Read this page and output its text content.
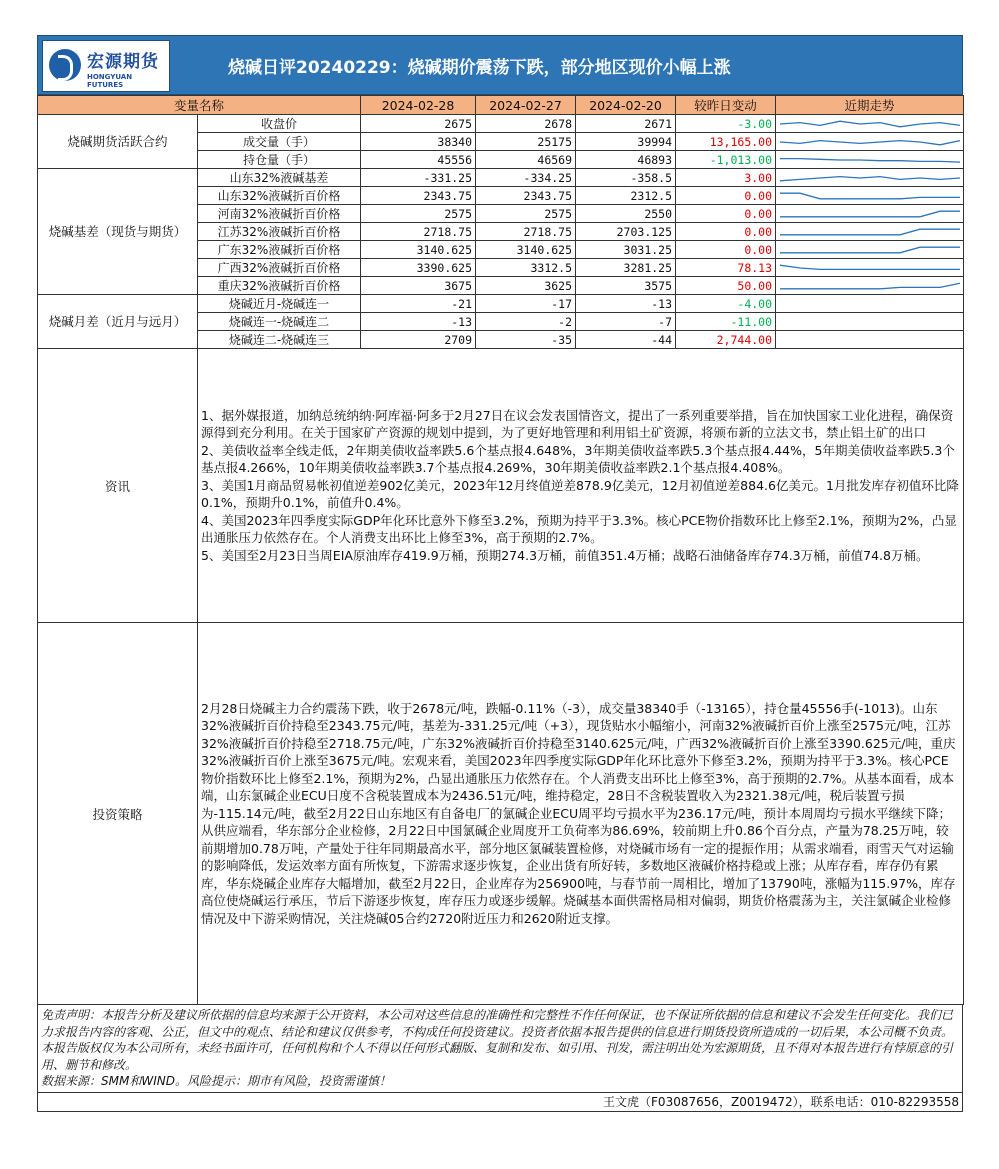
宏源期货
HONGYUAN FUTURES
烧碱日评20240229：烧碱期价震荡下跌，部分地区现价小幅上涨
变量名称		2024-02-28	2024-02-27	2024-02-20	较昨日变动	近期走势
烧碱期货活跃合约	收盘价	2675	2678	2671	-3.00	

	成交量（手）	38340	25175	39994	13,165.00	

	持仓量（手）	45556	46569	46893	-1,013.00	

烧碱基差（现货与期货）	山东32%液碱基差	-331.25	-334.25	-358.5	3.00	

	山东32%液碱折百价格	2343.75	2343.75	2312.5	0.00	

	河南32%液碱折百价格	2575	2575	2550	0.00	

	江苏32%液碱折百价格	2718.75	2718.75	2703.125	0.00	

	广东32%液碱折百价格	3140.625	3140.625	3031.25	0.00	

	广西32%液碱折百价格	3390.625	3312.5	3281.25	78.13	

	重庆32%液碱折百价格	3675	3625	3575	50.00	

烧碱月差（近月与远月）	烧碱近月-烧碱连一	-21	-17	-13	-4.00	
	烧碱连一-烧碱连二	-13	-2	-7	-11.00	
	烧碱连二-烧碱连三	2709	-35	-44	2,744.00	
资讯	1、据外媒报道，加纳总统纳纳·阿库福·阿多于2月27日在议会发表国情咨文，提出了一系列重要举措，旨在加快国家工业化进程，确保资源得到充分利用。在关于国家矿产资源的规划中提到，为了更好地管理和利用铝土矿资源，将颁布新的立法文书，禁止铝土矿的出口

2、美债收益率全线走低，2年期美债收益率跌5.6个基点报4.648%，3年期美债收益率跌5.3个基点报4.44%，5年期美债收益率跌5.3个基点报4.266%，10年期美债收益率跌3.7个基点报4.269%，30年期美债收益率跌2.1个基点报4.408%。

3、美国1月商品贸易帐初值逆差902亿美元，2023年12月终值逆差878.9亿美元，12月初值逆差884.6亿美元。1月批发库存初值环比降0.1%，预期升0.1%，前值升0.4%。

4、美国2023年四季度实际GDP年化环比意外下修至3.2%，预期为持平于3.3%。核心PCE物价指数环比上修至2.1%，预期为2%，凸显出通胀压力依然存在。个人消费支出环比上修至3%，高于预期的2.7%。

5、美国至2月23日当周EIA原油库存419.9万桶，预期274.3万桶，前值351.4万桶；战略石油储备库存74.3万桶，前值74.8万桶。

投资策略	2月28日烧碱主力合约震荡下跌，收于2678元/吨，跌幅-0.11%（-3），成交量38340手（-13165），持仓量45556手(-1013)。山东32%液碱折百价持稳至2343.75元/吨，基差为-331.25元/吨（+3），现货贴水小幅缩小，河南32%液碱折百价上涨至2575元/吨，江苏32%液碱折百价持稳至2718.75元/吨，广东32%液碱折百价持稳至3140.625元/吨，广西32%液碱折百价上涨至3390.625元/吨，重庆32%液碱折百价上涨至3675元/吨。宏观来看，美国2023年四季度实际GDP年化环比意外下修至3.2%，预期为持平于3.3%。核心PCE物价指数环比上修至2.1%，预期为2%，凸显出通胀压力依然存在。个人消费支出环比上修至3%，高于预期的2.7%。从基本面看，成本端，山东氯碱企业ECU日度不含税装置成本为2436.51元/吨，维持稳定，28日不含税装置收入为2321.38元/吨，税后装置亏损为-115.14元/吨，截至2月22日山东地区有自备电厂的氯碱企业ECU周平均亏损水平为236.17元/吨，预计本周周均亏损水平继续下降；从供应端看，华东部分企业检修，2月22日中国氯碱企业周度开工负荷率为86.69%，较前期上升0.86个百分点，产量为78.25万吨，较前期增加0.78万吨，产量处于往年同期最高水平，部分地区氯碱装置检修，对烧碱市场有一定的提振作用；从需求端看，雨雪天气对运输的影响降低，发运效率方面有所恢复，下游需求逐步恢复，企业出货有所好转，多数地区液碱价格持稳或上涨；从库存看，库存仍有累库，华东烧碱企业库存大幅增加，截至2月22日，企业库存为256900吨，与春节前一周相比，增加了13790吨，涨幅为115.97%，库存高位使烧碱运行承压，节后下游逐步恢复，库存压力或逐步缓解。烧碱基本面供需格局相对偏弱，期货价格震荡为主，关注氯碱企业检修情况及中下游采购情况，关注烧碱05合约2720附近压力和2620附近支撑。

免责声明：本报告分析及建议所依据的信息均来源于公开资料，本公司对这些信息的准确性和完整性不作任何保证，也不保证所依据的信息和建议不会发生任何变化。我们已力求报告内容的客观、公正，但文中的观点、结论和建议仅供参考，不构成任何投资建议。投资者依据本报告提供的信息进行期货投资所造成的一切后果，本公司概不负责。本报告版权仅为本公司所有，未经书面许可，任何机构和个人不得以任何形式翻版、复制和发布、如引用、刊发，需注明出处为宏源期货，且不得对本报告进行有悖原意的引用、删节和修改。
数据来源：SMM和WIND。风险提示：期市有风险，投资需谨慎！
王文虎（F03087656，Z0019472），联系电话：010-82293558
